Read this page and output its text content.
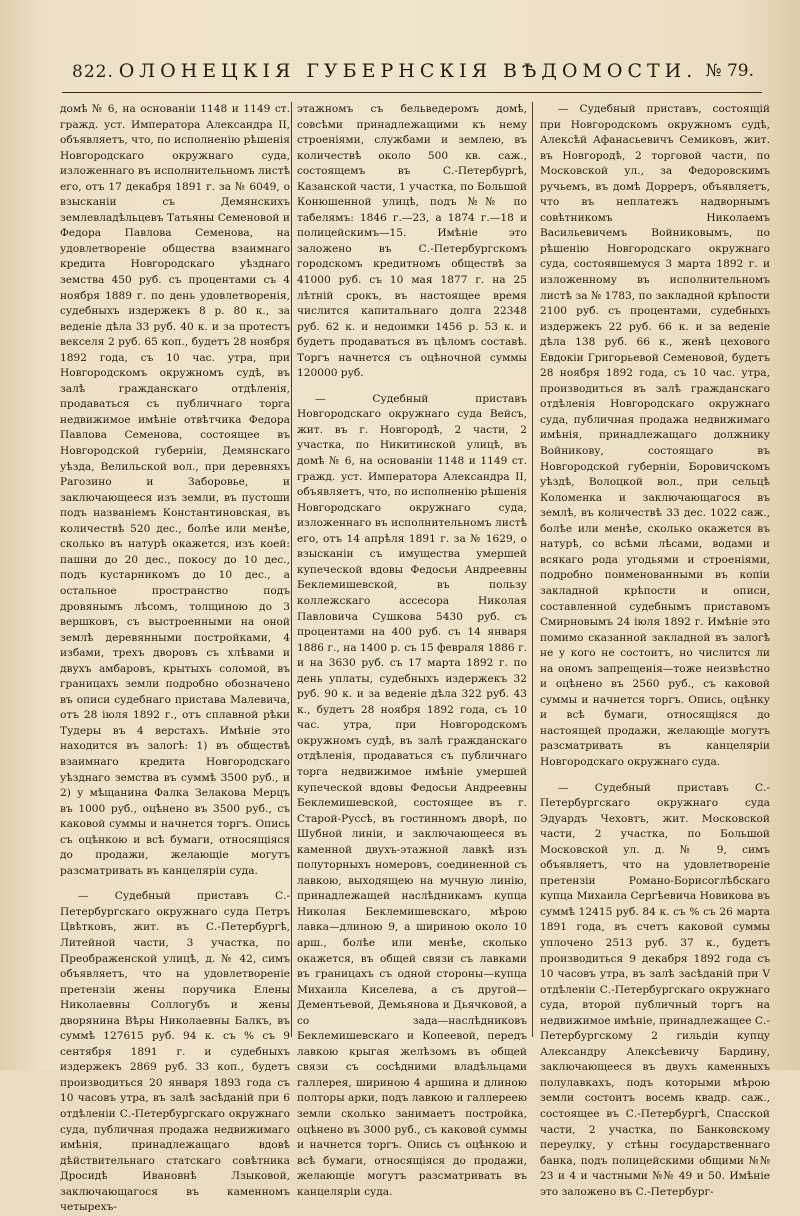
822. ОЛОНЕЦКІЯ ГУБЕРНСКІЯ ВѢДОМОСТИ. № 79.

домѣ № 6, на основаніи 1148 и 1149 ст. гражд. уст. Императора Александра II, объявляетъ, что, по исполненію рѣшенія Новгородскаго окружнаго суда, изложеннаго въ исполнительномъ листѣ его, отъ 17 декабря 1891 г. за № 6049, о взысканіи съ Демянскихъ землевладѣльцевъ Татьяны Семеновой и Федора Павлова Семенова, на удовлетвореніе общества взаимнаго кредита Новгородскаго уѣзднаго земства 450 руб. съ процентами съ 4 ноября 1889 г. по день удовлетворенія, судебныхъ издержекъ 8 р. 80 к., за веденіе дѣла 33 руб. 40 к. и за протестъ векселя 2 руб. 65 коп., будетъ 28 ноября 1892 года, съ 10 час. утра, при Новгородскомъ окружномъ судѣ, въ залѣ гражданскаго отдѣленія, продаваться съ публичнаго торга недвижимое имѣніе отвѣтчика Федора Павлова Семенова, состоящее въ Новгородской губерніи, Демянскаго уѣзда, Велильской вол., при деревняхъ Рагозино и Заборовье, и заключающееся изъ земли, въ пустоши подъ названіемъ Константиновская, въ количествѣ 520 дес., болѣе или менѣе, сколько въ натурѣ окажется, изъ коей: пашни до 20 дес., покосу до 10 дес., подъ кустарникомъ до 10 дес., а остальное пространство подъ дровянымъ лѣсомъ, толщиною до 3 вершковъ, съ выстроенными на оной землѣ деревянными постройками, 4 избами, трехъ дворовъ съ хлѣвами и двухъ амбаровъ, крытыхъ соломой, въ границахъ земли подробно обозначено въ описи судебнаго пристава Малевича, отъ 28 іюля 1892 г., отъ сплавной рѣки Тудеры въ 4 верстахъ. Имѣніе это находится въ залогѣ: 1) въ обществѣ взаимнаго кредита Новгородскаго уѣзднаго земства въ суммѣ 3500 руб., и 2) у мѣщанина Фалка Зелакова Мерцъ въ 1000 руб., оцѣнено въ 3500 руб., съ каковой суммы и начнется торгъ. Опись съ оцѣнкою и всѣ бумаги, относящіяся до продажи, желающіе могутъ разсматривать въ канцеляріи суда.

— Судебный приставъ С.-Петербургскаго окружнаго суда Петръ Цвѣтковъ, жит. въ С.-Петербургѣ, Литейной части, 3 участка, по Преображенской улицѣ, д. № 42, симъ объявляетъ, что на удовлетвореніе претензіи жены поручика Елены Николаевны Соллогубъ и жены дворянина Вѣры Николаевны Балкъ, въ суммѣ 127615 руб. 94 к. съ % съ 9 сентября 1891 г. и судебныхъ издержекъ 2869 руб. 33 коп., будетъ производиться 20 января 1893 года съ 10 часовъ утра, въ залѣ засѣданій при 6 отдѣленіи С.-Петербургскаго окружнаго суда, публичная продажа недвижимаго имѣнія, принадлежащаго вдовѣ дѣйствительнаго статскаго совѣтника Дросидѣ Ивановнѣ Лзыковой, заключающагося въ каменномъ четырехъ-

этажномъ съ бельведеромъ домѣ, совсѣми принадлежащими къ нему строеніями, службами и землею, въ количествѣ около 500 кв. саж., состоящемъ въ С.-Петербургѣ, Казанской части, 1 участка, по Большой Конюшенной улицѣ, подъ №№ по табелямъ: 1846 г.—23, а 1874 г.—18 и полицейскимъ—15. Имѣніе это заложено въ С.-Петербургскомъ городскомъ кредитномъ обществѣ за 41000 руб. съ 10 мая 1877 г. на 25 лѣтній срокъ, въ настоящее время числится капитальнаго долга 22348 руб. 62 к. и недоимки 1456 р. 53 к. и будетъ продаваться въ цѣломъ составѣ. Торгъ начнется съ оцѣночной суммы 120000 руб.

— Судебный приставъ Новгородскаго окружнаго суда Вейсъ, жит. въ г. Новгородѣ, 2 части, 2 участка, по Никитинской улицѣ, въ домѣ № 6, на основаніи 1148 и 1149 ст. гражд. уст. Императора Александра II, объявляетъ, что, по исполненію рѣшенія Новгородскаго окружнаго суда, изложеннаго въ исполнительномъ листѣ его, отъ 14 апрѣля 1891 г. за № 1629, о взысканіи съ имущества умершей купеческой вдовы Федосьи Андреевны Беклемишевской, въ пользу коллежскаго ассесора Николая Павловича Сушкова 5430 руб. съ процентами на 400 руб. съ 14 января 1886 г., на 1400 р. съ 15 февраля 1886 г. и на 3630 руб. съ 17 марта 1892 г. по день уплаты, судебныхъ издержекъ 32 руб. 90 к. и за веденіе дѣла 322 руб. 43 к., будетъ 28 ноября 1892 года, съ 10 час. утра, при Новгородскомъ окружномъ судѣ, въ залѣ гражданскаго отдѣленія, продаваться съ публичнаго торга недвижимое имѣніе умершей купеческой вдовы Федосьи Андреевны Беклемишевской, состоящее въ г. Старой-Руссѣ, въ гостинномъ дворѣ, по Шубной линіи, и заключающееся въ каменной двухъ-этажной лавкѣ изъ полуторныхъ номеровъ, соединенной съ лавкою, выходящею на мучную линію, принадлежащей наслѣдникамъ купца Николая Беклемишевскаго, мѣрою лавка—длиною 9, а шириною около 10 арш., болѣе или менѣе, сколько окажется, въ общей связи съ лавками въ границахъ съ одной стороны—купца Михаила Киселева, а съ другой—Дементьевой, Демьянова и Дьячковой, а со зада—наслѣдниковъ Беклемишевскаго и Копеевой, передъ лавкою крыгая желѣзомъ въ общей связи съ сосѣдними владѣльцами галлерея, шириною 4 аршина и длиною полторы арки, подъ лавкою и галлереею земли сколько занимаетъ постройка, оцѣнено въ 3000 руб., съ каковой суммы и начнется торгъ. Опись съ оцѣнкою и всѣ бумаги, относящіяся до продажи, желающіе могутъ разсматривать въ канцеляріи суда.

— Судебный приставъ, состоящій при Новгородскомъ окружномъ судѣ, Алексѣй Афанасьевичъ Семиковъ, жит. въ Новгородѣ, 2 торговой части, по Московской ул., за Федоровскимъ ручьемъ, въ домѣ Дорреръ, объявляетъ, что въ неплатежъ надворнымъ совѣтникомъ Николаемъ Васильевичемъ Войниковымъ, по рѣшенію Новгородскаго окружнаго суда, состоявшемуся 3 марта 1892 г. и изложенному въ исполнительномъ листѣ за № 1783, по закладной крѣпости 2100 руб. съ процентами, судебныхъ издержекъ 22 руб. 66 к. и за веденіе дѣла 138 руб. 66 к., женѣ цехового Евдокіи Григорьевой Семеновой, будетъ 28 ноября 1892 года, съ 10 час. утра, производиться въ залѣ гражданскаго отдѣленія Новгородскаго окружнаго суда, публичная продажа недвижимаго имѣнія, принадлежащаго должнику Войникову, состоящаго въ Новгородской губерніи, Боровичскомъ уѣздѣ, Волоцкой вол., при сельцѣ Коломенка и заключающагося въ землѣ, въ количествѣ 33 дес. 1022 саж., болѣе или менѣе, сколько окажется въ натурѣ, со всѣми лѣсами, водами и всякаго рода угодьями и строеніями, подробно поименованными въ копіи закладной крѣпости и описи, составленной судебнымъ приставомъ Смирновымъ 24 іюля 1892 г. Имѣніе это помимо сказанной закладной въ залогѣ не у кого не состоитъ, но числится ли на ономъ запрещенія—тоже неизвѣстно и оцѣнено въ 2560 руб., съ каковой суммы и начнется торгъ. Опись, оцѣнку и всѣ бумаги, относящіяся до настоящей продажи, желающіе могутъ разсматривать въ канцеляріи Новгородскаго окружнаго суда.

— Судебный приставъ С.-Петербургскаго окружнаго суда Эдуардъ Чеховтъ, жит. Московской части, 2 участка, по Большой Московской ул. д. № 9, симъ объявляетъ, что на удовлетвореніе претензіи Романо-Борисоглѣбскаго купца Михаила Сергѣевича Новикова въ суммѣ 12415 руб. 84 к. съ % съ 26 марта 1891 года, въ счетъ каковой суммы уплочено 2513 руб. 37 к., будетъ производиться 9 декабря 1892 года съ 10 часовъ утра, въ залѣ засѣданій при V отдѣленіи С.-Петербургскаго окружнаго суда, второй публичный торгъ на недвижимое имѣніе, принадлежащее С.-Петербургскому 2 гильдіи купцу Александру Алексѣевичу Бардину, заключающееся въ двухъ каменныхъ полулавкахъ, подъ которыми мѣрою земли состоитъ восемь квадр. саж., состоящее въ С.-Петербургѣ, Спасской части, 2 участка, по Банковскому переулку, у стѣны государственнаго банка, подъ полицейскими общими №№ 23 и 4 и частными №№ 49 и 50. Имѣніе это заложено въ С.-Петербург-
